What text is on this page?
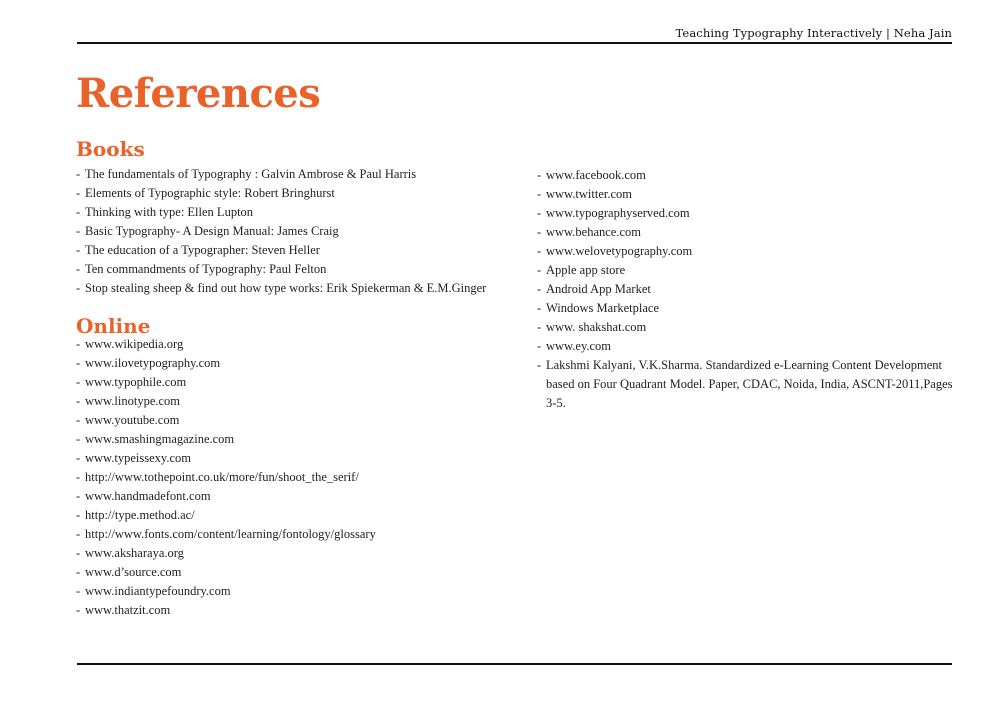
Teaching Typography Interactively | Neha Jain
References
Books
- The fundamentals of Typography : Galvin Ambrose & Paul Harris
- Elements of Typographic style: Robert Bringhurst
- Thinking with type: Ellen Lupton
- Basic Typography- A Design Manual: James Craig
- The education of a Typographer: Steven Heller
- Ten commandments of Typography: Paul Felton
- Stop stealing sheep & find out how type works: Erik Spiekerman & E.M.Ginger
Online
- www.wikipedia.org
- www.ilovetypography.com
- www.typophile.com
- www.linotype.com
- www.youtube.com
- www.smashingmagazine.com
- www.typeissexy.com
- http://www.tothepoint.co.uk/more/fun/shoot_the_serif/
- www.handmadefont.com
- http://type.method.ac/
- http://www.fonts.com/content/learning/fontology/glossary
- www.aksharaya.org
- www.d’source.com
- www.indiantypefoundry.com
- www.thatzit.com
- www.facebook.com
- www.twitter.com
- www.typographyserved.com
- www.behance.com
- www.welovetypography.com
- Apple app store
- Android App Market
- Windows Marketplace
- www. shakshat.com
- www.ey.com
- Lakshmi Kalyani, V.K.Sharma. Standardized e-Learning Content Development based on Four Quadrant Model. Paper, CDAC, Noida, India, ASCNT-2011,Pages 3-5.
